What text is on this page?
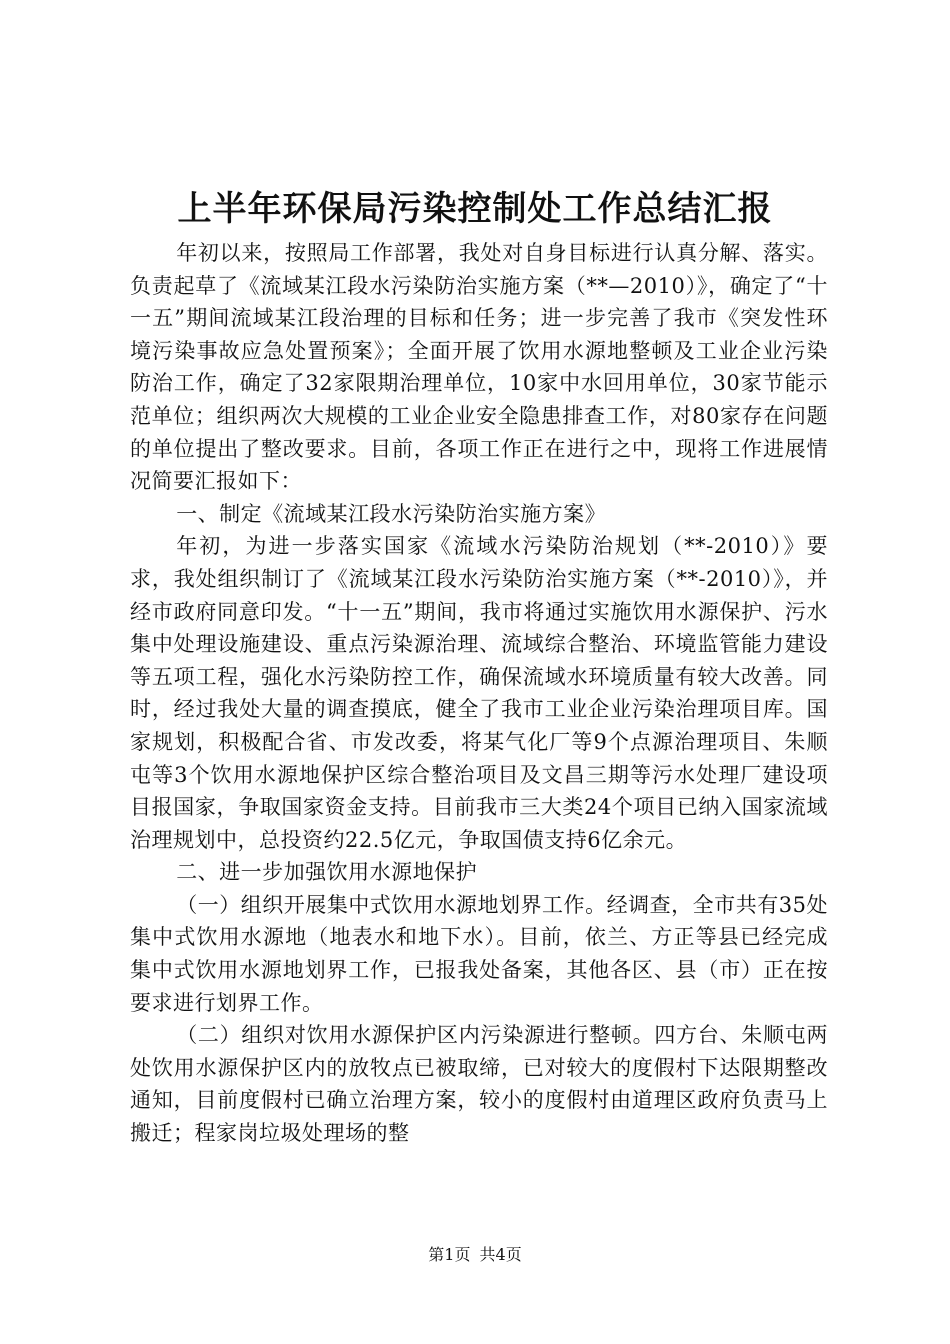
上半年环保局污染控制处工作总结汇报

年初以来，按照局工作部署，我处对自身目标进行认真分解、落实。负责起草了《流域某江段水污染防治实施方案（**—2010）》，确定了“十一五”期间流域某江段治理的目标和任务；进一步完善了我市《突发性环境污染事故应急处置预案》；全面开展了饮用水源地整顿及工业企业污染防治工作，确定了32家限期治理单位，10家中水回用单位，30家节能示范单位；组织两次大规模的工业企业安全隐患排查工作，对80家存在问题的单位提出了整改要求。目前，各项工作正在进行之中，现将工作进展情况简要汇报如下：

一、制定《流域某江段水污染防治实施方案》

年初，为进一步落实国家《流域水污染防治规划（**-2010）》要求，我处组织制订了《流域某江段水污染防治实施方案（**-2010）》，并经市政府同意印发。“十一五”期间，我市将通过实施饮用水源保护、污水集中处理设施建设、重点污染源治理、流域综合整治、环境监管能力建设等五项工程，强化水污染防控工作，确保流域水环境质量有较大改善。同时，经过我处大量的调查摸底，健全了我市工业企业污染治理项目库。国家规划，积极配合省、市发改委，将某气化厂等9个点源治理项目、朱顺屯等3个饮用水源地保护区综合整治项目及文昌三期等污水处理厂建设项目报国家，争取国家资金支持。目前我市三大类24个项目已纳入国家流域治理规划中，总投资约22.5亿元，争取国债支持6亿余元。

二、进一步加强饮用水源地保护

（一）组织开展集中式饮用水源地划界工作。经调查，全市共有35处集中式饮用水源地（地表水和地下水）。目前，依兰、方正等县已经完成集中式饮用水源地划界工作，已报我处备案，其他各区、县（市）正在按要求进行划界工作。

（二）组织对饮用水源保护区内污染源进行整顿。四方台、朱顺屯两处饮用水源保护区内的放牧点已被取缔，已对较大的度假村下达限期整改通知，目前度假村已确立治理方案，较小的度假村由道理区政府负责马上搬迁；程家岗垃圾处理场的整

第1页 共4页
